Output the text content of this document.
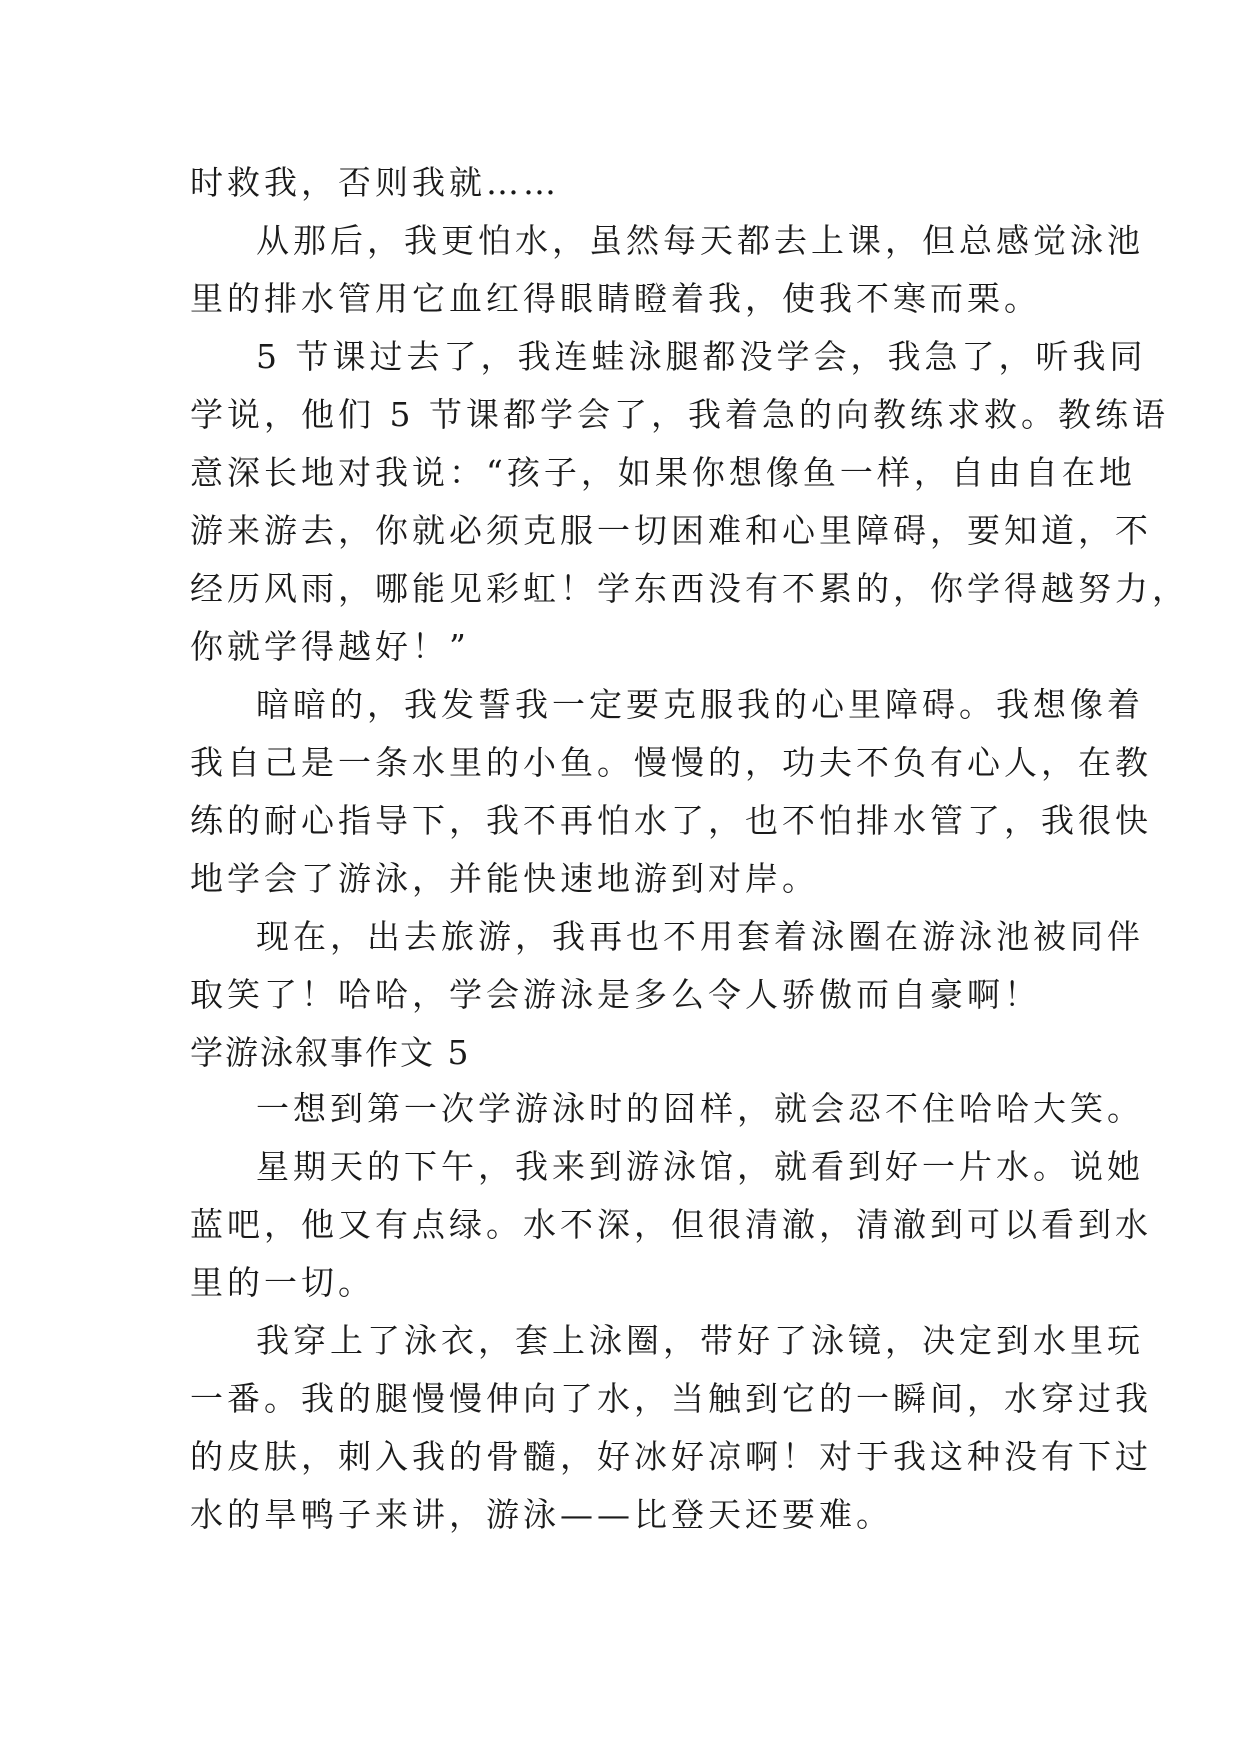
时救我，否则我就……
从那后，我更怕水，虽然每天都去上课，但总感觉泳池
里的排水管用它血红得眼睛瞪着我，使我不寒而栗。
5 节课过去了，我连蛙泳腿都没学会，我急了，听我同
学说，他们 5 节课都学会了，我着急的向教练求救。教练语
意深长地对我说：“孩子，如果你想像鱼一样，自由自在地
游来游去，你就必须克服一切困难和心里障碍，要知道，不
经历风雨，哪能见彩虹！学东西没有不累的，你学得越努力，
你就学得越好！”
暗暗的，我发誓我一定要克服我的心里障碍。我想像着
我自己是一条水里的小鱼。慢慢的，功夫不负有心人，在教
练的耐心指导下，我不再怕水了，也不怕排水管了，我很快
地学会了游泳，并能快速地游到对岸。
现在，出去旅游，我再也不用套着泳圈在游泳池被同伴
取笑了！哈哈，学会游泳是多么令人骄傲而自豪啊！
学游泳叙事作文 5
一想到第一次学游泳时的囧样，就会忍不住哈哈大笑。
星期天的下午，我来到游泳馆，就看到好一片水。说她
蓝吧，他又有点绿。水不深，但很清澈，清澈到可以看到水
里的一切。
我穿上了泳衣，套上泳圈，带好了泳镜，决定到水里玩
一番。我的腿慢慢伸向了水，当触到它的一瞬间，水穿过我
的皮肤，刺入我的骨髓，好冰好凉啊！对于我这种没有下过
水的旱鸭子来讲，游泳——比登天还要难。
